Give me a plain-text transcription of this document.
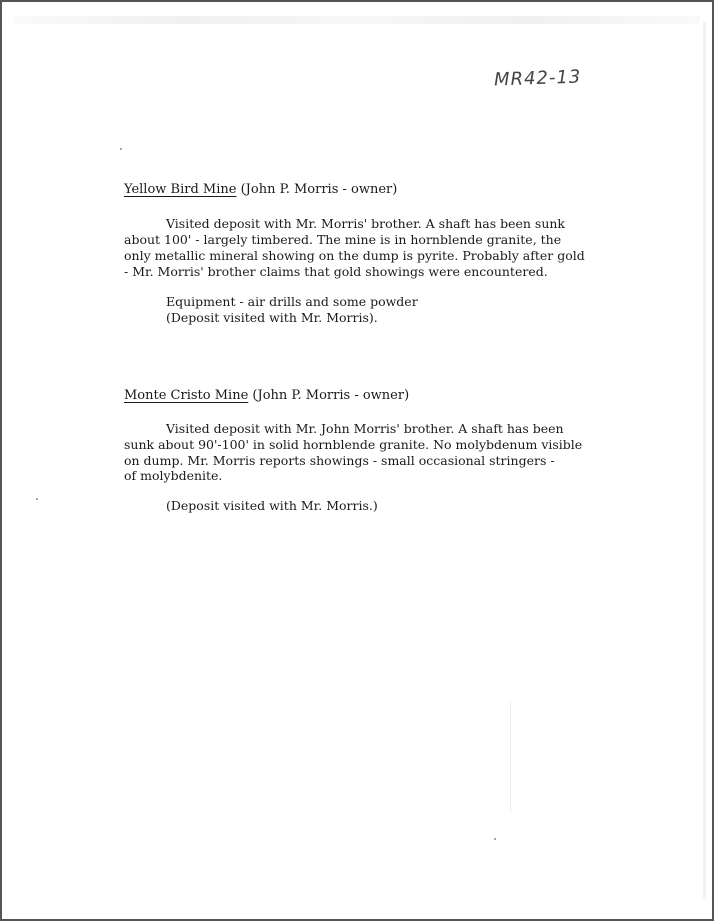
MR42-13
Yellow Bird Mine (John P. Morris - owner)
Visited deposit with Mr. Morris' brother. A shaft has been sunk
about 100' - largely timbered. The mine is in hornblende granite, the
only metallic mineral showing on the dump is pyrite. Probably after gold
- Mr. Morris' brother claims that gold showings were encountered.
Equipment - air drills and some powder
(Deposit visited with Mr. Morris).
Monte Cristo Mine (John P. Morris - owner)
Visited deposit with Mr. John Morris' brother. A shaft has been
sunk about 90'-100' in solid hornblende granite. No molybdenum visible
on dump. Mr. Morris reports showings - small occasional stringers -
of molybdenite.
(Deposit visited with Mr. Morris.)
